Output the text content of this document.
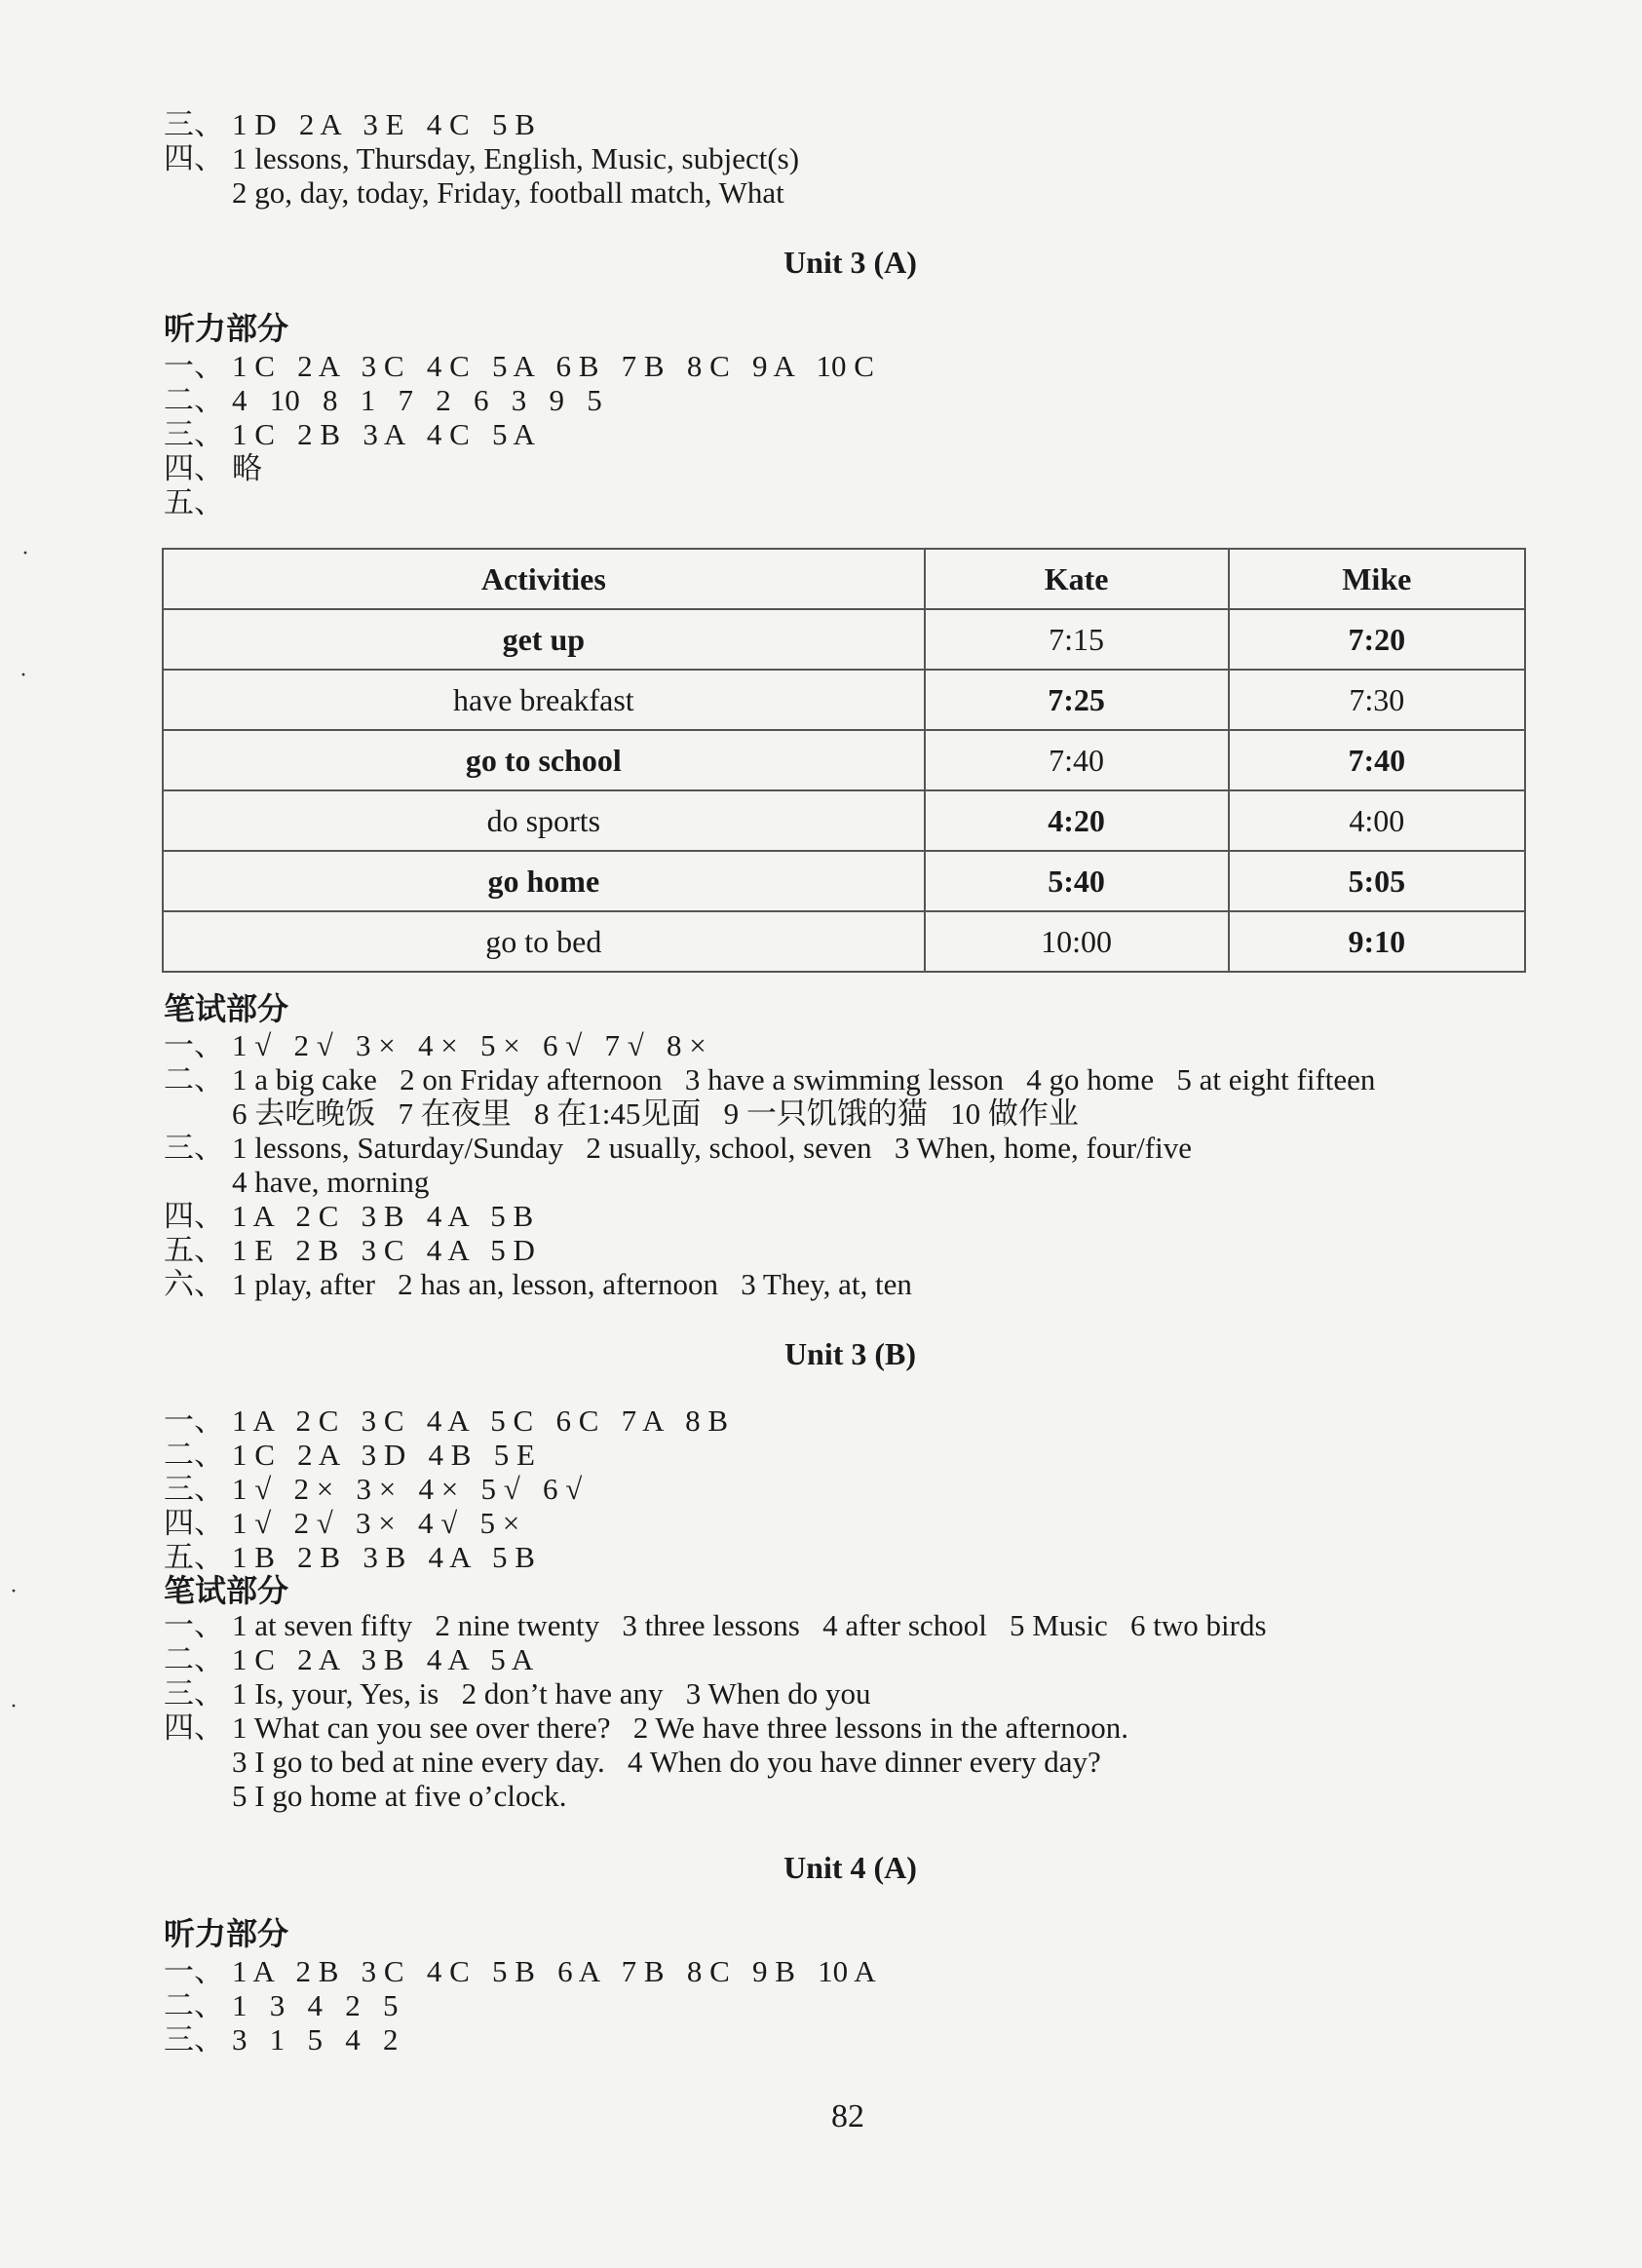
三、 1 D   2 A   3 E   4 C   5 B
四、 1 lessons, Thursday, English, Music, subject(s)
2 go, day, today, Friday, football match, What
Unit 3 (A)
听力部分
一、 1 C   2 A   3 C   4 C   5 A   6 B   7 B   8 C   9 A   10 C
二、 4   10   8   1   7   2   6   3   9   5
三、 1 C   2 B   3 A   4 C   5 A
四、 略
五、
Activities	Kate	Mike
get up	7:15	7:20
have breakfast	7:25	7:30
go to school	7:40	7:40
do sports	4:20	4:00
go home	5:40	5:05
go to bed	10:00	9:10
笔试部分
一、 1 √   2 √   3 ×   4 ×   5 ×   6 √   7 √   8 ×
二、 1 a big cake   2 on Friday afternoon   3 have a swimming lesson   4 go home   5 at eight fifteen
6 去吃晚饭   7 在夜里   8 在1:45见面   9 一只饥饿的猫   10 做作业
三、 1 lessons, Saturday/Sunday   2 usually, school, seven   3 When, home, four/five
4 have, morning
四、 1 A   2 C   3 B   4 A   5 B
五、 1 E   2 B   3 C   4 A   5 D
六、 1 play, after   2 has an, lesson, afternoon   3 They, at, ten
Unit 3 (B)
一、 1 A   2 C   3 C   4 A   5 C   6 C   7 A   8 B
二、 1 C   2 A   3 D   4 B   5 E
三、 1 √   2 ×   3 ×   4 ×   5 √   6 √
四、 1 √   2 √   3 ×   4 √   5 ×
五、 1 B   2 B   3 B   4 A   5 B
笔试部分
一、 1 at seven fifty   2 nine twenty   3 three lessons   4 after school   5 Music   6 two birds
二、 1 C   2 A   3 B   4 A   5 A
三、 1 Is, your, Yes, is   2 don’t have any   3 When do you
四、 1 What can you see over there?   2 We have three lessons in the afternoon.
3 I go to bed at nine every day.   4 When do you have dinner every day?
5 I go home at five o’clock.
Unit 4 (A)
听力部分
一、 1 A   2 B   3 C   4 C   5 B   6 A   7 B   8 C   9 B   10 A
二、 1   3   4   2   5
三、 3   1   5   4   2
82
·
·
·
·
